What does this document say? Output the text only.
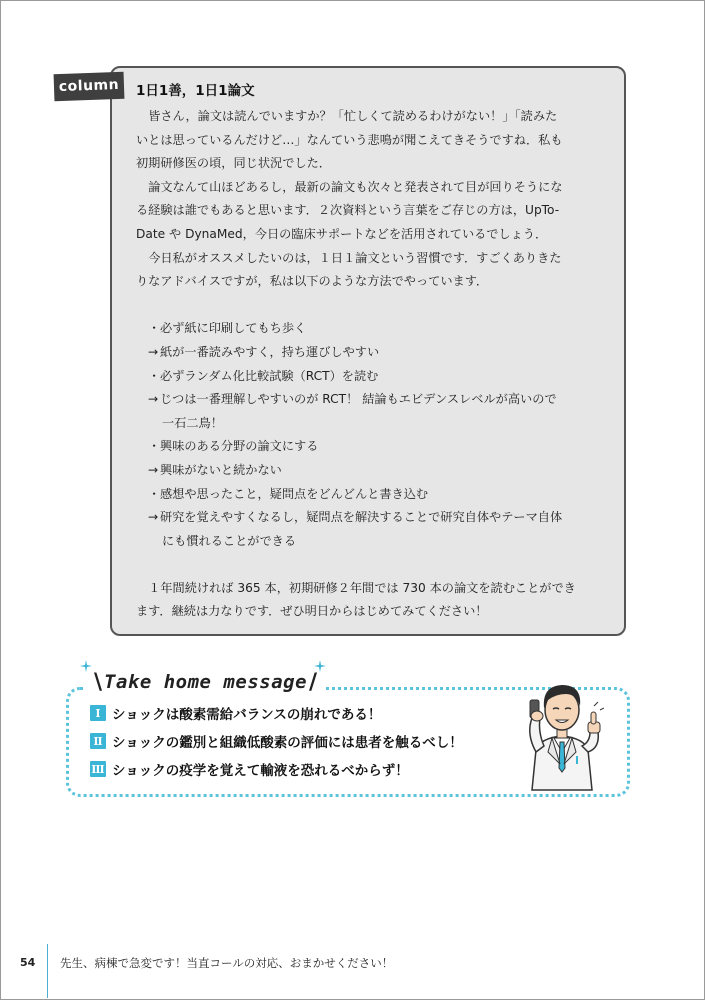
column	1日1善，1日1論文

皆さん，論文は読んでいますか？「忙しくて読めるわけがない！」「読みた

いとは思っているんだけど…」なんていう悲鳴が聞こえてきそうですね．私も

初期研修医の頃，同じ状況でした．

論文なんて山ほどあるし，最新の論文も次々と発表されて目が回りそうにな

る経験は誰でもあると思います．２次資料という言葉をご存じの方は，UpTo-

Date や DynaMed，今日の臨床サポートなどを活用されているでしょう．

今日私がオススメしたいのは，１日１論文という習慣です．すごくありきた

りなアドバイスですが，私は以下のような方法でやっています．

・ 必ず紙に印刷してもち歩く
→ 紙が一番読みやすく，持ち運びしやすい
・ 必ずランダム化比較試験（RCT）を読む
→ じつは一番理解しやすいのが RCT！ 結論もエビデンスレベルが高いので
一石二鳥！
・ 興味のある分野の論文にする
→ 興味がないと続かない
・ 感想や思ったこと，疑問点をどんどんと書き込む
→ 研究を覚えやすくなるし，疑問点を解決することで研究自体やテーマ自体
にも慣れることができる

１年間続ければ 365 本，初期研修２年間では 730 本の論文を読むことができ

ます．継続は力なりです．ぜひ明日からはじめてみてください！

\ Take home message /
Ⅰ ショックは酸素需給バランスの崩れである！
Ⅱ ショックの鑑別と組織低酸素の評価には患者を触るべし！
Ⅲ ショックの疫学を覚えて輸液を恐れるべからず！
54 先生、病棟で急変です！当直コールの対応、おまかせください！
